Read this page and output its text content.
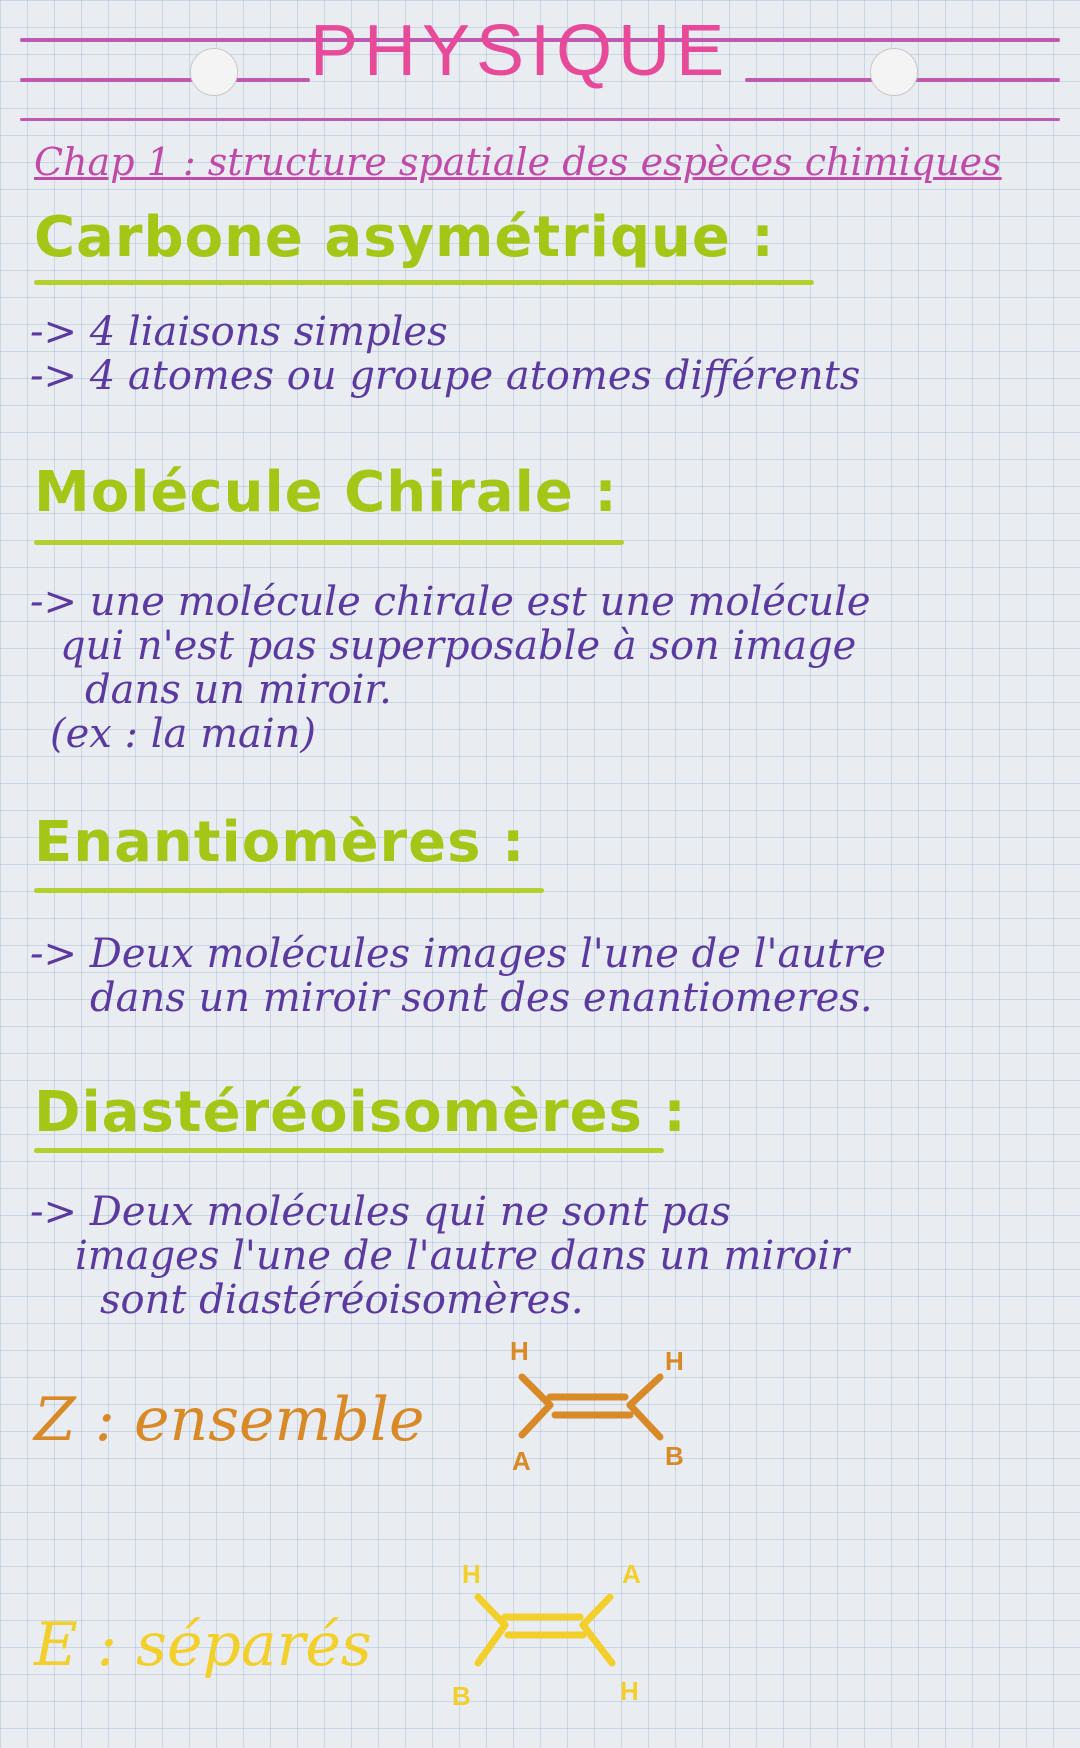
PHYSIQUE
Chap 1 : structure spatiale des espèces chimiques
Carbone asymétrique :

-> 4 liaisons simples

-> 4 atomes ou groupe atomes différents

Molécule Chirale :

-> une molécule chirale est une molécule

qui n'est pas superposable à son image

dans un miroir.

(ex : la main)

Enantiomères :

-> Deux molécules images l'une de l'autre

dans un miroir sont des enantiomeres.

Diastéréoisomères :

-> Deux molécules qui ne sont pas

images l'une de l'autre dans un miroir

sont diastéréoisomères.

Z : ensemble
H	H
A	B
E : séparés
H	A
B	H
